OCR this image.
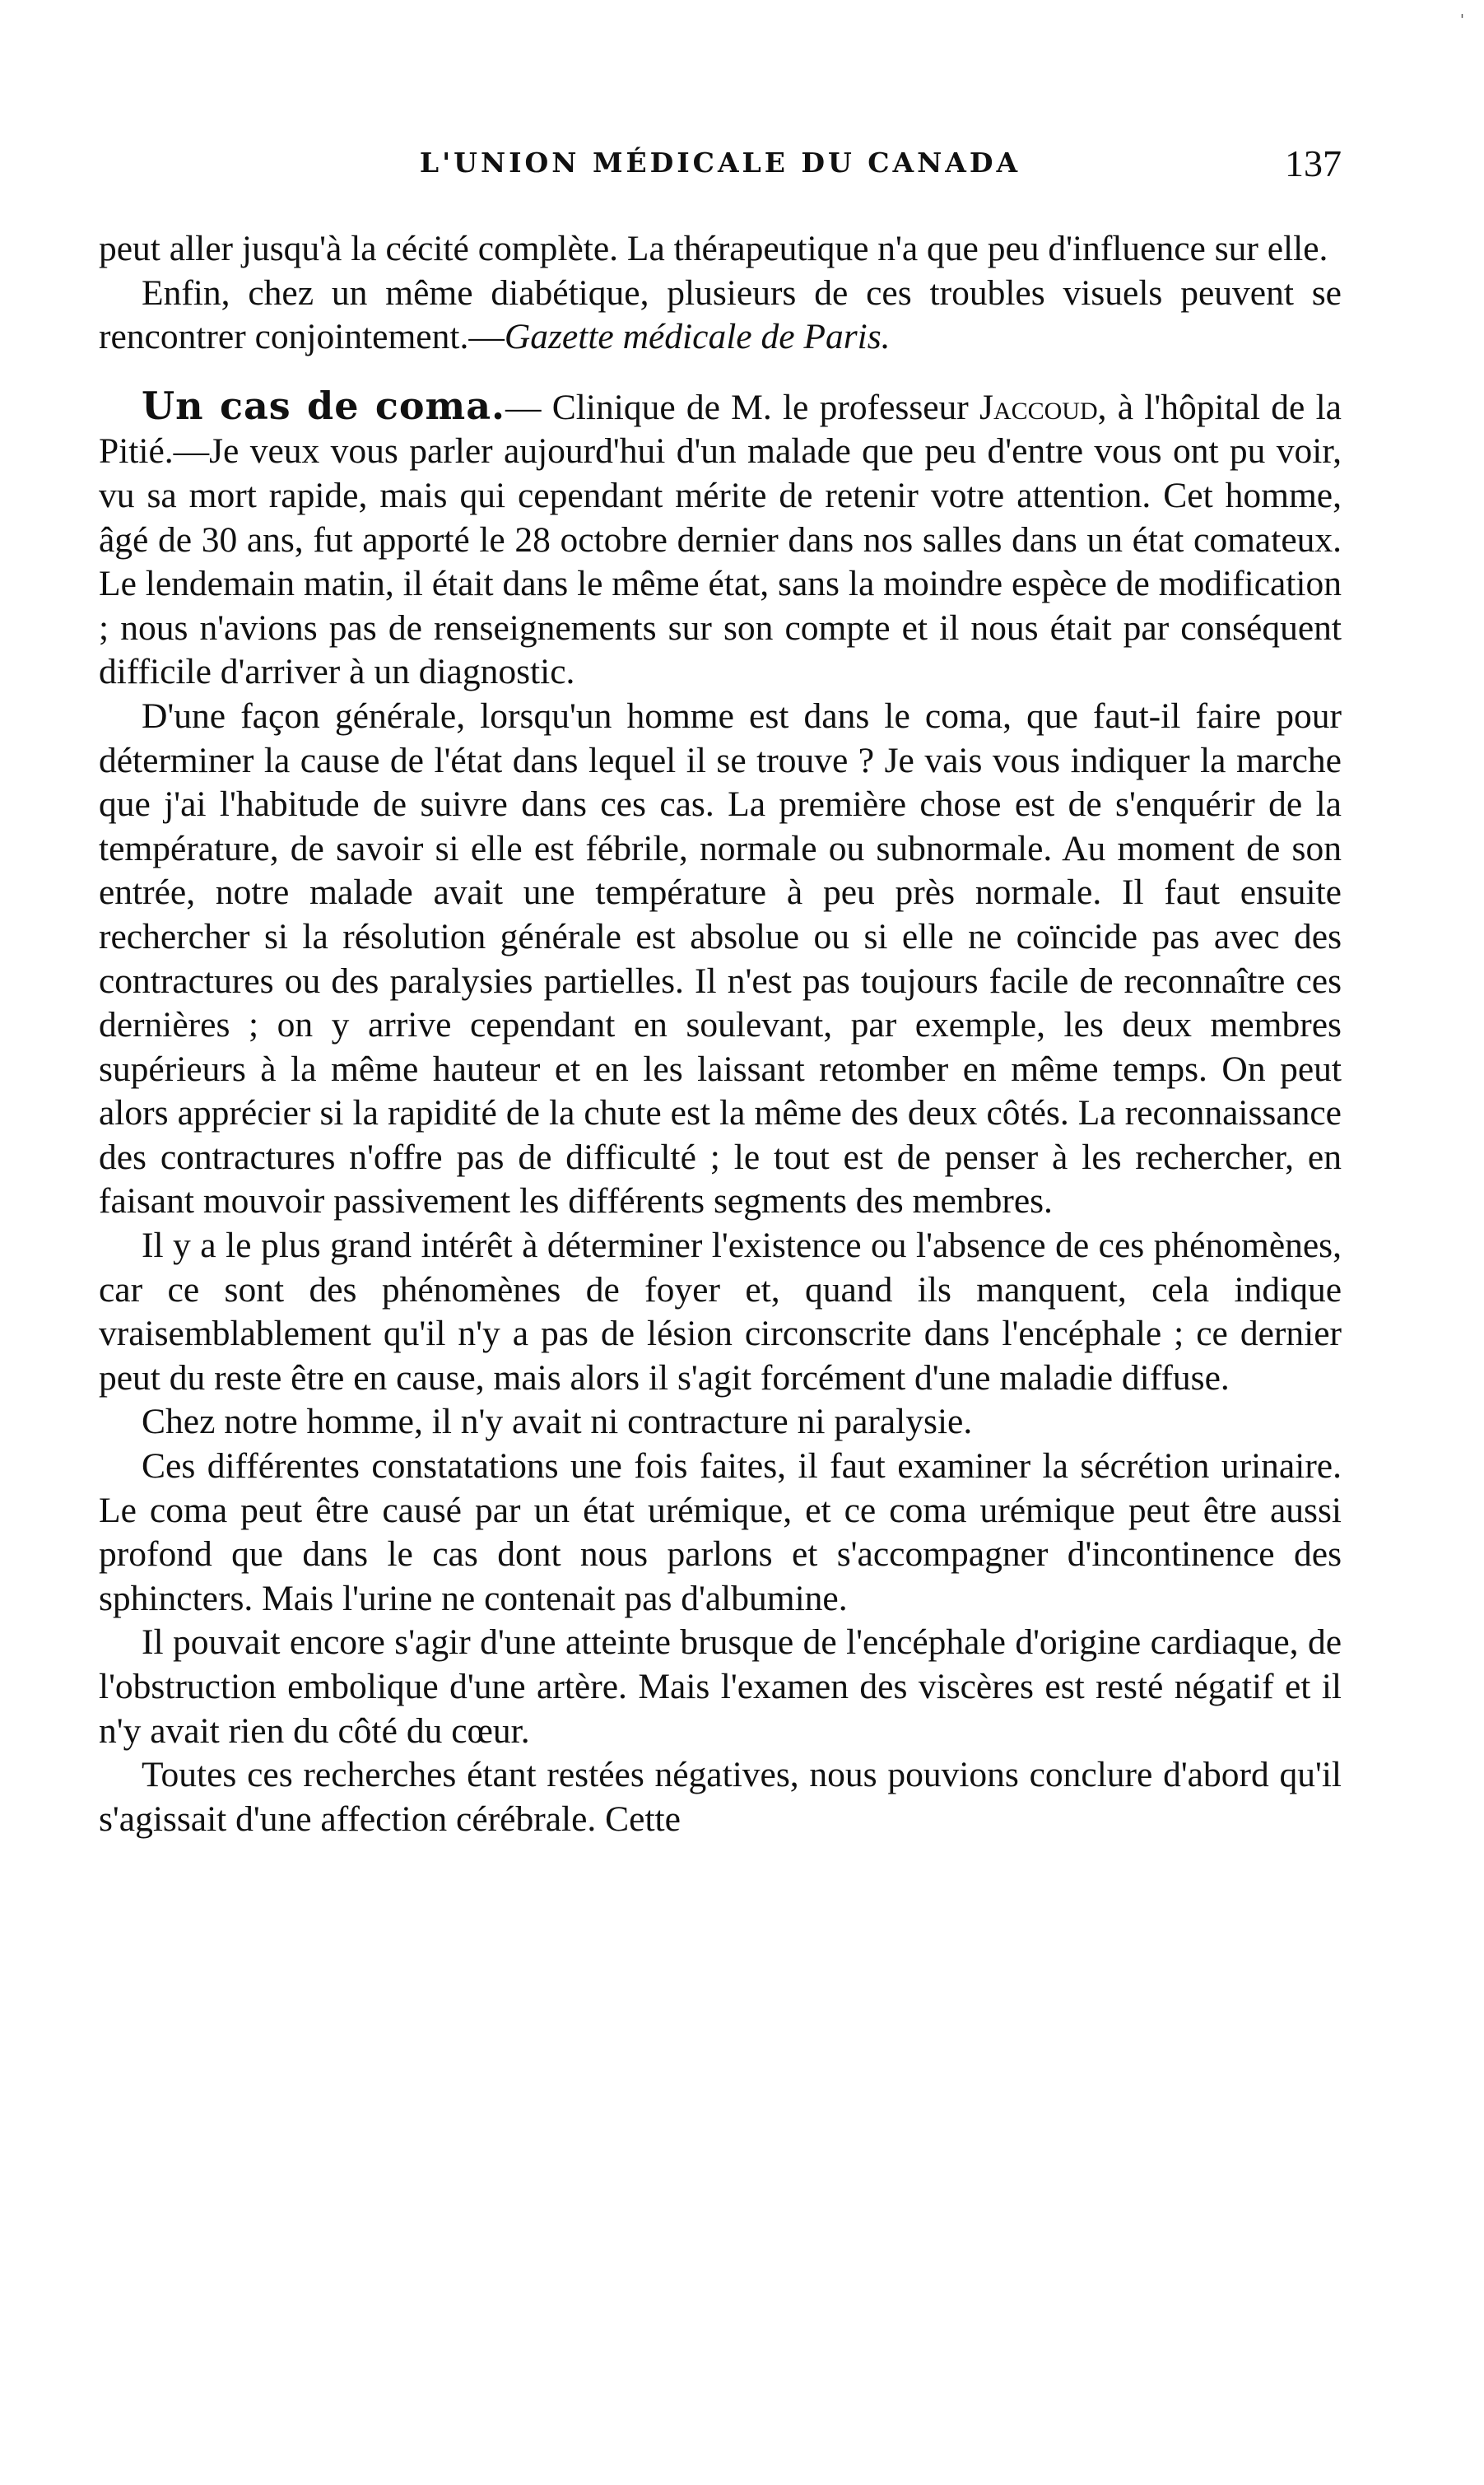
'
L'UNION MÉDICALE DU CANADA	137

peut aller jusqu'à la cécité complète. La thérapeutique n'a que peu d'influence sur elle.

Enfin, chez un même diabétique, plusieurs de ces troubles visuels peuvent se rencontrer conjointement.—Gazette médicale de Paris.

Un cas de coma.— Clinique de M. le professeur Jaccoud, à l'hôpital de la Pitié.—Je veux vous parler aujourd'hui d'un malade que peu d'entre vous ont pu voir, vu sa mort rapide, mais qui cependant mérite de retenir votre attention. Cet homme, âgé de 30 ans, fut apporté le 28 octobre dernier dans nos salles dans un état comateux. Le lendemain matin, il était dans le même état, sans la moindre espèce de modification ; nous n'avions pas de renseignements sur son compte et il nous était par conséquent difficile d'arriver à un diagnostic.

D'une façon générale, lorsqu'un homme est dans le coma, que faut-il faire pour déterminer la cause de l'état dans lequel il se trouve ? Je vais vous indiquer la marche que j'ai l'habitude de suivre dans ces cas. La première chose est de s'enquérir de la température, de savoir si elle est fébrile, normale ou subnormale. Au moment de son entrée, notre malade avait une température à peu près normale. Il faut ensuite rechercher si la résolution générale est absolue ou si elle ne coïncide pas avec des contractures ou des paralysies partielles. Il n'est pas toujours facile de reconnaître ces dernières ; on y arrive cependant en soulevant, par exemple, les deux membres supérieurs à la même hauteur et en les laissant retomber en même temps. On peut alors apprécier si la rapidité de la chute est la même des deux côtés. La reconnaissance des contractures n'offre pas de difficulté ; le tout est de penser à les rechercher, en faisant mouvoir passivement les différents segments des membres.

Il y a le plus grand intérêt à déterminer l'existence ou l'absence de ces phénomènes, car ce sont des phénomènes de foyer et, quand ils manquent, cela indique vraisemblablement qu'il n'y a pas de lésion circonscrite dans l'encéphale ; ce dernier peut du reste être en cause, mais alors il s'agit forcément d'une maladie diffuse.

Chez notre homme, il n'y avait ni contracture ni paralysie.

Ces différentes constatations une fois faites, il faut examiner la sécrétion urinaire. Le coma peut être causé par un état urémique, et ce coma urémique peut être aussi profond que dans le cas dont nous parlons et s'accompagner d'incontinence des sphincters. Mais l'urine ne contenait pas d'albumine.

Il pouvait encore s'agir d'une atteinte brusque de l'encéphale d'origine cardiaque, de l'obstruction embolique d'une artère. Mais l'examen des viscères est resté négatif et il n'y avait rien du côté du cœur.

Toutes ces recherches étant restées négatives, nous pouvions conclure d'abord qu'il s'agissait d'une affection cérébrale. Cette
